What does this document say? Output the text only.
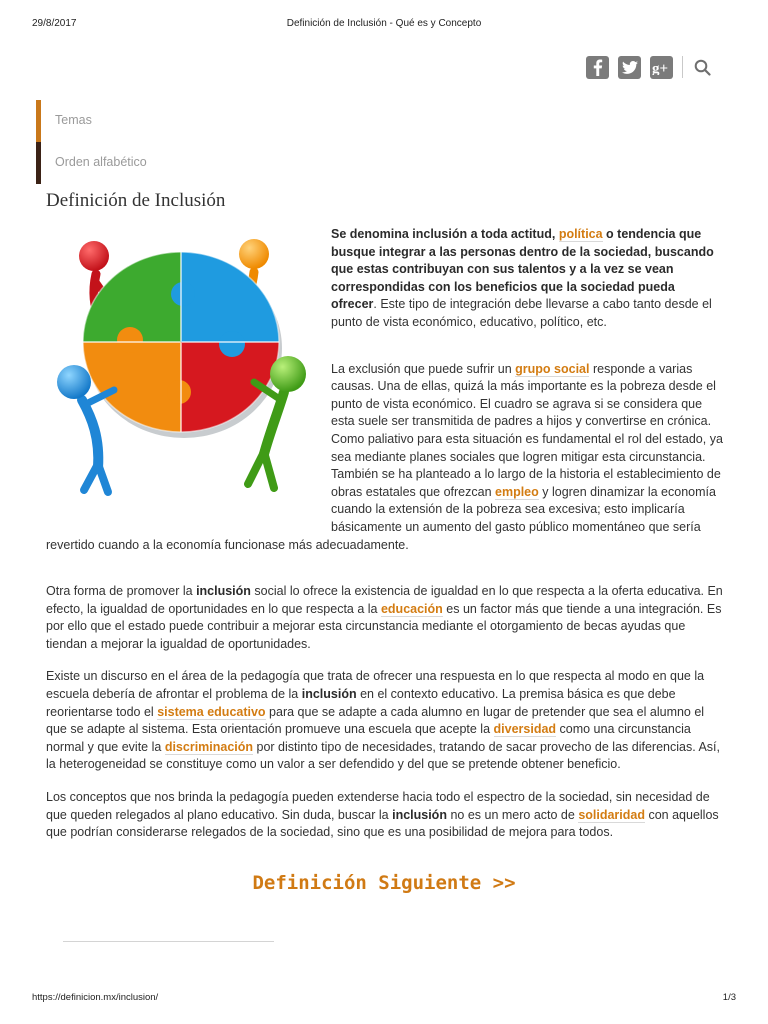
29/8/2017	Definición de Inclusión - Qué es y Concepto
g+
Temas
Orden alfabético
Definición de Inclusión

Se denomina inclusión a toda actitud, política o tendencia que busque integrar a las personas dentro de la sociedad, buscando que estas contribuyan con sus talentos y a la vez se vean correspondidas con los beneficios que la sociedad pueda ofrecer. Este tipo de integración debe llevarse a cabo tanto desde el punto de vista económico, educativo, político, etc.

La exclusión que puede sufrir un grupo social responde a varias causas. Una de ellas, quizá la más importante es la pobreza desde el punto de vista económico. El cuadro se agrava si se considera que esta suele ser transmitida de padres a hijos y convertirse en crónica. Como paliativo para esta situación es fundamental el rol del estado, ya sea mediante planes sociales que logren mitigar esta circunstancia. También se ha planteado a lo largo de la historia el establecimiento de obras estatales que ofrezcan empleo y logren dinamizar la economía cuando la extensión de la pobreza sea excesiva; esto implicaría básicamente un aumento del gasto público momentáneo que sería revertido cuando a la economía funcionase más adecuadamente.

Otra forma de promover la inclusión social lo ofrece la existencia de igualdad en lo que respecta a la oferta educativa. En efecto, la igualdad de oportunidades en lo que respecta a la educación es un factor más que tiende a una integración. Es por ello que el estado puede contribuir a mejorar esta circunstancia mediante el otorgamiento de becas ayudas que tiendan a mejorar la igualdad de oportunidades.

Existe un discurso en el área de la pedagogía que trata de ofrecer una respuesta en lo que respecta al modo en que la escuela debería de afrontar el problema de la inclusión en el contexto educativo. La premisa básica es que debe reorientarse todo el sistema educativo para que se adapte a cada alumno en lugar de pretender que sea el alumno el que se adapte al sistema. Esta orientación promueve una escuela que acepte la diversidad como una circunstancia normal y que evite la discriminación por distinto tipo de necesidades, tratando de sacar provecho de las diferencias. Así, la heterogeneidad se constituye como un valor a ser defendido y del que se pretende obtener beneficio.

Los conceptos que nos brinda la pedagogía pueden extenderse hacia todo el espectro de la sociedad, sin necesidad de que queden relegados al plano educativo. Sin duda, buscar la inclusión no es un mero acto de solidaridad con aquellos que podrían considerarse relegados de la sociedad, sino que es una posibilidad de mejora para todos.

Definición Siguiente >>
https://definicion.mx/inclusion/	1/3
